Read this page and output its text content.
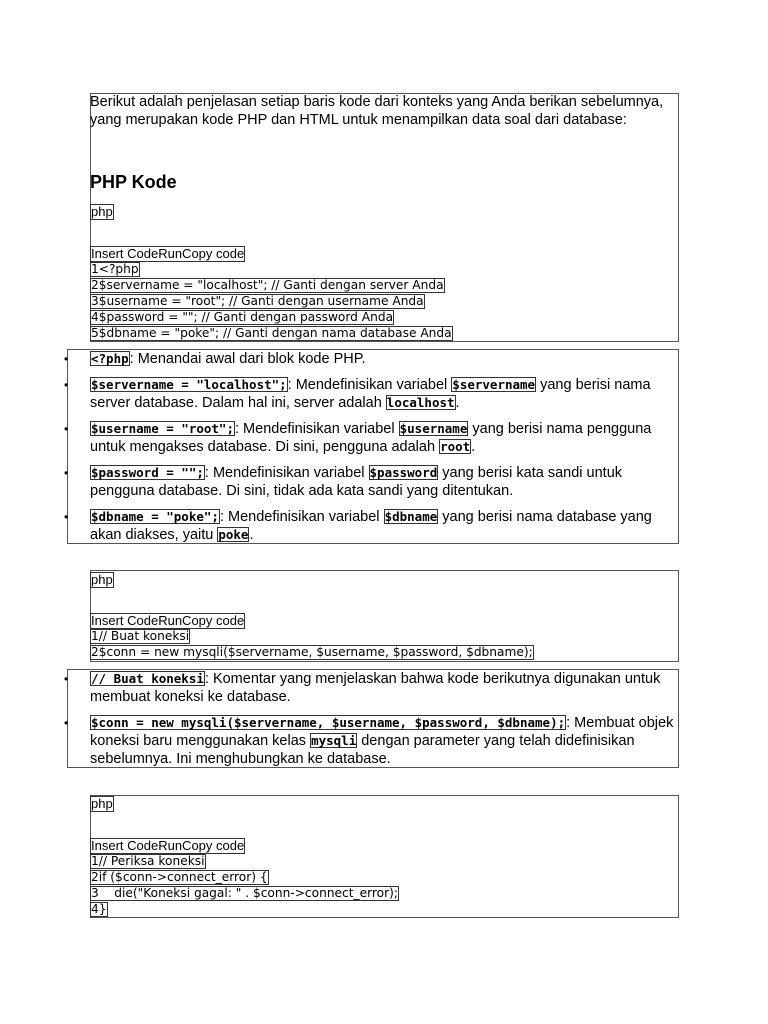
Berikut adalah penjelasan setiap baris kode dari konteks yang Anda berikan sebelumnya, yang merupakan kode PHP dan HTML untuk menampilkan data soal dari database:
PHP Kode
php
Insert CodeRunCopy code
1<?php
2$servername = "localhost"; // Ganti dengan server Anda
3$username = "root"; // Ganti dengan username Anda
4$password = ""; // Ganti dengan password Anda
5$dbname = "poke"; // Ganti dengan nama database Anda
• <?php: Menandai awal dari blok kode PHP.
• $servername = "localhost";: Mendefinisikan variabel $servername yang berisi nama server database. Dalam hal ini, server adalah localhost.
• $username = "root";: Mendefinisikan variabel $username yang berisi nama pengguna untuk mengakses database. Di sini, pengguna adalah root.
• $password = "";: Mendefinisikan variabel $password yang berisi kata sandi untuk pengguna database. Di sini, tidak ada kata sandi yang ditentukan.
• $dbname = "poke";: Mendefinisikan variabel $dbname yang berisi nama database yang akan diakses, yaitu poke.
php
Insert CodeRunCopy code
1// Buat koneksi
2$conn = new mysqli($servername, $username, $password, $dbname);
• // Buat koneksi: Komentar yang menjelaskan bahwa kode berikutnya digunakan untuk membuat koneksi ke database.
• $conn = new mysqli($servername, $username, $password, $dbname);: Membuat objek koneksi baru menggunakan kelas mysqli dengan parameter yang telah didefinisikan sebelumnya. Ini menghubungkan ke database.
php
Insert CodeRunCopy code
1// Periksa koneksi
2if ($conn->connect_error) {
3    die("Koneksi gagal: " . $conn->connect_error);
4}
